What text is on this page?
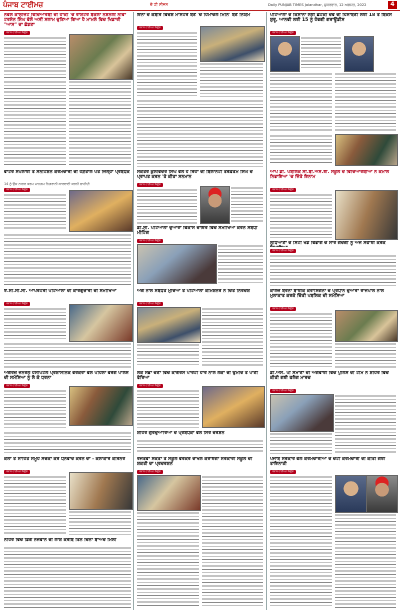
ਪੰਜਾਬ ਟਾਈਮਜ਼	ਦੇ ਟੀ ਸੀਜਨ	Daily PUNJAB TIMES Jalandhar, ਸ਼ੁਕਰਵਾਰ, 12 ਅਗਸਤ, 2022	4
ਨੋਵੇਲ ਕਾਲਜਿਟ ਵਿਦਿਆਰਥੀ ਦੀ ਹਾਕੀ 'ਚ ਰਾਸ਼ਟਰ ਬਕਲਾ ਨੈਸ਼ਨਲੀ ਨੀਵਾ ਟਰਸੇਨ ਸਿੰਘ ਵੱਲੋਂ ਅਸੀਂ ਸਲਾਮ ਚੁਣਿਆ ਗਿਆ ਹੈ ਮਾਮਲੇ ਵਿਚ ਖਿਡਾਰੀ "ਆਸ" ਦਾ ਛੱਡਣਾ
ਪੰਜਾਬ ਟਾਈਮਜ਼ ਬਿਊਰੋ
ਇੰਨਾ ਦੇ ਕਬੀਰ ਵਿਦੇਸ਼ ਮਾਸਟਰ ਬਣ 'ਚ ਹਿਮਾਚਲ ਮਿਨਿ' ਬਣ ਨਿਯਮ
ਪੰਜਾਬ ਟਾਈਮਜ਼ ਬਿਊਰੋ
ਪਟਿਆਲਾ ਦੇ ਕਿਸਾਨਾਂ ਲਈ ਛੋਟੇਕੀ ਦੇਵੋ ਦੀ ਹਿਸਾਬਣੀ ਲਈ 18 ਤੋਂ ਬਿਕਸ ਸ਼ੁਰੂ, ਆਨਵੀ ਲਈ 15 ਨੂੰ ਹੋਵਗੀ ਗਰਾਊਂਡੀਸ
ਪੰਜਾਬ ਟਾਈਮਜ਼ ਬਿਊਰੋ
ਵਾਟਰ ਸਪਲਾਈ ਤੇ ਸੈਨੀਟੇਸ਼ਨ ਕਰਮਚਾਰੀ ਦੀ ਹੜਤਾਲ ਪੱਤੇ ਜਿਲ੍ਹਾ ਪ੍ਰਬੰਧਕ
14 ਨੂੰ ਉਸ ਨਾਗਰ ਕਰਮ ਮਾਨਗਮ ਨਿਗਰਾਨੀ ਕਾਰਵਾਈ ਕਰਨੀ ਚਾਹੀਦੀ
ਪੰਜਾਬ ਟਾਈਮਜ਼ ਬਿਊਰੋ
ਸਕੱਤਰ ਕੁਲਵਿੰਦਰ ਸਿੰਘ ਵੱਲੋਂ ਹੋ ਰਿਹਾ ਦੀ ਬਿਲਾਨਟੀ ਤਰਫ਼ਤਮ ਸਿੰਘ ਦੇ ਪ੍ਰਾਪਤ ਕਰਨ 'ਤੇ ਕੀਤਾ ਸਨਮਾਨ
ਪੰਜਾਬ ਟਾਈਮਜ਼ ਬਿਊਰੋ
ਡੀ.ਸੀ. ਪਟਿਆਲਾ ਦੁਆਰਾ ਵਿਕਾਸ ਦਾਇਰੇ ਵਿਚ ਸਮੀਖਿਆ ਕਰਨ ਸਬੰਧੀ ਮੀਟਿੰਗ
ਪੰਜਾਬ ਟਾਈਮਜ਼ ਬਿਊਰੋ
ਆਪ ਡੀ. ਪਬਲਿਕ ਸੀ.ਬੀ.ਐਸ.ਈ. ਸਕੂਲ ਦੇ ਵਿਦਿਆਰਥੀਆਂ ਨੇ ਕਮਾਲ ਨਿਭਾਇਆ 'ਚ ਜਿੱਤੇ ਇਨਾਮ
ਪੰਜਾਬ ਟਾਈਮਜ਼ ਬਿਊਰੋ
ਲੁਧਿਆਣਾ ਦੇ ਸਿਟੀ ਖੇਡ ਵਿਭਾਗ ਚ ਸਾਰੇ ਗੰਦਗੀ ਨੂੰ ਅਜ ਸਫਾਈ ਕਰਕੇ
ਪੰਜਾਬ ਟਾਈਮਜ਼ ਬਿਊਰੋ
ਏ.ਸੀ.ਸੀ.ਸੀ. ਆਪਰੇਟਰੀ ਪਟਿਆਲਾ ਦੀ ਕਾਰਗੁਜ਼ਾਰੀ ਦੀ ਸਮੀਖਿਆ
ਪੰਜਾਬ ਟਾਈਮਜ਼ ਬਿਊਰੋ
ਅੱਗ ਨਾਲ ਸੰਬੰਧਤ ਮੁੱਦਿਆਂ ਤੇ ਪਟਿਆਲਾ ਕਮਿਸ਼ਨਰ ਨੇ ਦਿੱਤੇ ਨਿਰਦੇਸ਼
ਪੰਜਾਬ ਟਾਈਮਜ਼ ਬਿਊਰੋ
ਕਾਲਜ ਬਰਨਾ ਬਾਈਕ ਕਰਾਸਿੰਗਨਾਂ ਦੇ ਪ੍ਰਧਾਨ ਦੁਆਰਾ ਰਾਜਪਾਲ ਨਾਲ ਮੁਲਾਕਾਤ ਕਰਕੇ ਦਿੱਤੀ ਪਬਲਿਕ ਦੀ ਸਮੱਸਿਆ
ਪੰਜਾਬ ਟਾਈਮਜ਼ ਬਿਊਰੋ
ਅੰਗਰੇਜ਼ ਜਨਰਲ ਹੋਸਪਿਟਲ ਪ੍ਰਸ਼ਾਸਨਿਕ ਵਰਕਰਾਂ ਵੱਲੋਂ ਪਹਿਲਾਂ ਵਰਗੇ ਪਾਲਸ ਦੀ ਸਮੱਸਿਆ ਨੂੰ ਲੈ ਕੇ ਧਰਨਾ
ਪੰਜਾਬ ਟਾਈਮਜ਼ ਬਿਊਰੋ
ਲੋਕ ਸਭਾ ਚੋਣਾਂ ਵਿਚ ਕਾਂਗਰਸ ਪਾਰਟੀ ਹਾਰ ਨਾਲ ਲੋਕਾਂ ਦੀ ਉਮੀਦ ਤੇ ਪਾਣੀ ਫੇਰਿਆ
ਪੰਜਾਬ ਟਾਈਮਜ਼ ਬਿਊਰੋ
ਸ਼ਹਿਰ ਗੁਰਦੁਆਰਿਆਂ ਦੇ ਪ੍ਰਬੰਧਕਾਂ ਵਲੋਂ ਸਿਰ ਦਰਸ਼ਨ
ਡੀ.ਐਸ. ਪੀ ਸਮਾਣਾ ਦੀ ਅਗਵਾਈ ਵਿੱਚ ਪੁਲਿਸ ਦੀ ਟੀਮ ਨੇ ਸ਼ਹਿਰ ਵਿਚ ਕੀਤੀ ਗਈ ਫਲੈਗ ਮਾਰਚ
ਪੰਜਾਬ ਟਾਈਮਜ਼ ਬਿਊਰੋ
ਕਲਾ ਤੇ ਸਾਹਿਤ ਸਮੂਹ ਸਦਕਾ ਕਰੇ ਧੰਨਵਾਦ ਕਰਨ ਦਾ - ਕਲਾਕਾਰ ਕਰਿਨਰ
ਪੰਜਾਬ ਟਾਈਮਜ਼ ਬਿਊਰੋ
ਨਹਿਰ ਵਿਚ ਡਿੱਗੇ ਨੌਜਵਾਨ ਦੀ ਲਾਸ਼ ਕਰੀਬ ਤਿੰਨ ਦਿਨਾਂ ਬਾਅਦ ਮਿਲੀ
ਰਜਤਵਾ ਸਕਤਾ ਤੋਂ ਸਕੂਲ ਵਰਕਰ ਦਾਖਲ ਕਰਾਏਗਾ ਸਰਕਾਰੀ ਸਕੂਲ ਦੀ ਸ਼ਕਤੀ ਦਾ ਪ੍ਰਦਰਸ਼ਨ
ਪੰਜਾਬ ਟਾਈਮਜ਼ ਬਿਊਰੋ
ਪੰਜਾਬ ਸਰਕਾਰ ਵੱਲੋਂ ਕਰਮਚਾਰੀਆਂ ਦੇ ਚੋਟੀ ਕਰਮਚਾਰੀ ਦੀ ਕੀਤੀ ਗਈ ਤਾਇਨਾਤੀ
ਪੰਜਾਬ ਟਾਈਮਜ਼ ਬਿਊਰੋ
